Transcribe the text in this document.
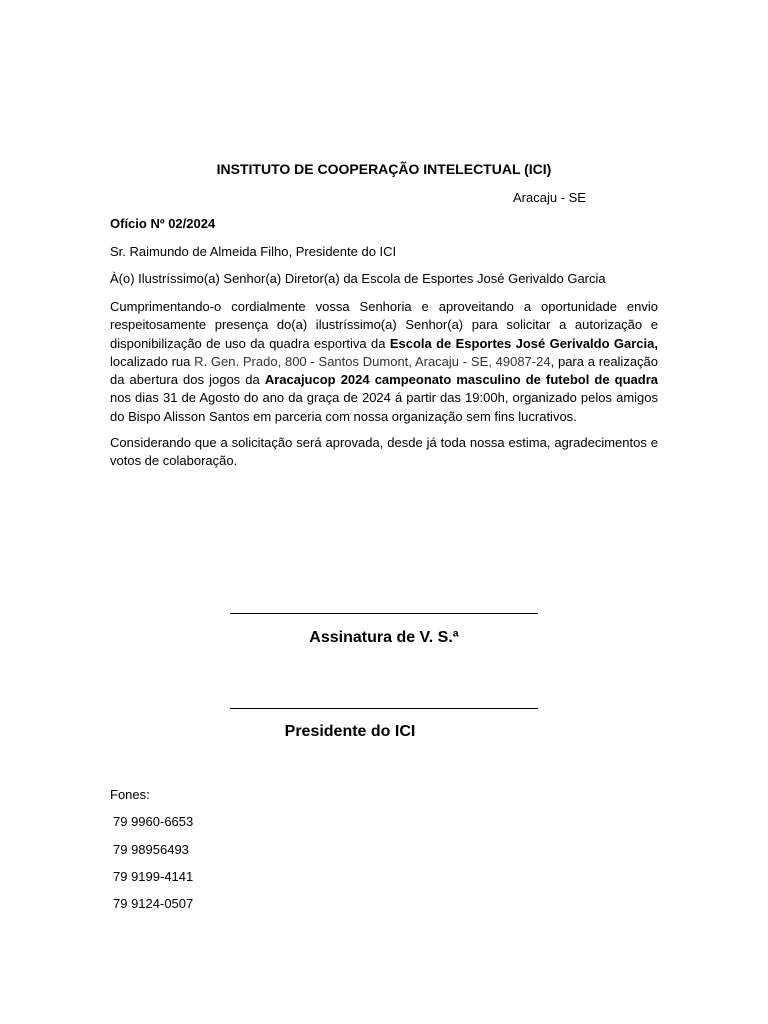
INSTITUTO DE COOPERAÇÃO INTELECTUAL (ICI)
Aracaju - SE
Ofício Nº 02/2024
Sr. Raimundo de Almeida Filho, Presidente do ICI
À(o) Ilustríssimo(a) Senhor(a) Diretor(a) da Escola de Esportes José Gerivaldo Garcia

Cumprimentando-o cordialmente vossa Senhoria e aproveitando a oportunidade envio respeitosamente presença do(a) ilustríssimo(a) Senhor(a) para solicitar a autorização e disponibilização de uso da quadra esportiva da Escola de Esportes José Gerivaldo Garcia, localizado rua R. Gen. Prado, 800 - Santos Dumont, Aracaju - SE, 49087-24, para a realização da abertura dos jogos da Aracajucop 2024 campeonato masculino de futebol de quadra nos dias 31 de Agosto do ano da graça de 2024 á partir das 19:00h, organizado pelos amigos do Bispo Alisson Santos em parceria com nossa organização sem fins lucrativos.

Considerando que a solicitação será aprovada, desde já toda nossa estima, agradecimentos e votos de colaboração.

Assinatura de V. S.ª
Presidente do ICI
Fones:
79 9960-6653
79 98956493
79 9199-4141
79 9124-0507
